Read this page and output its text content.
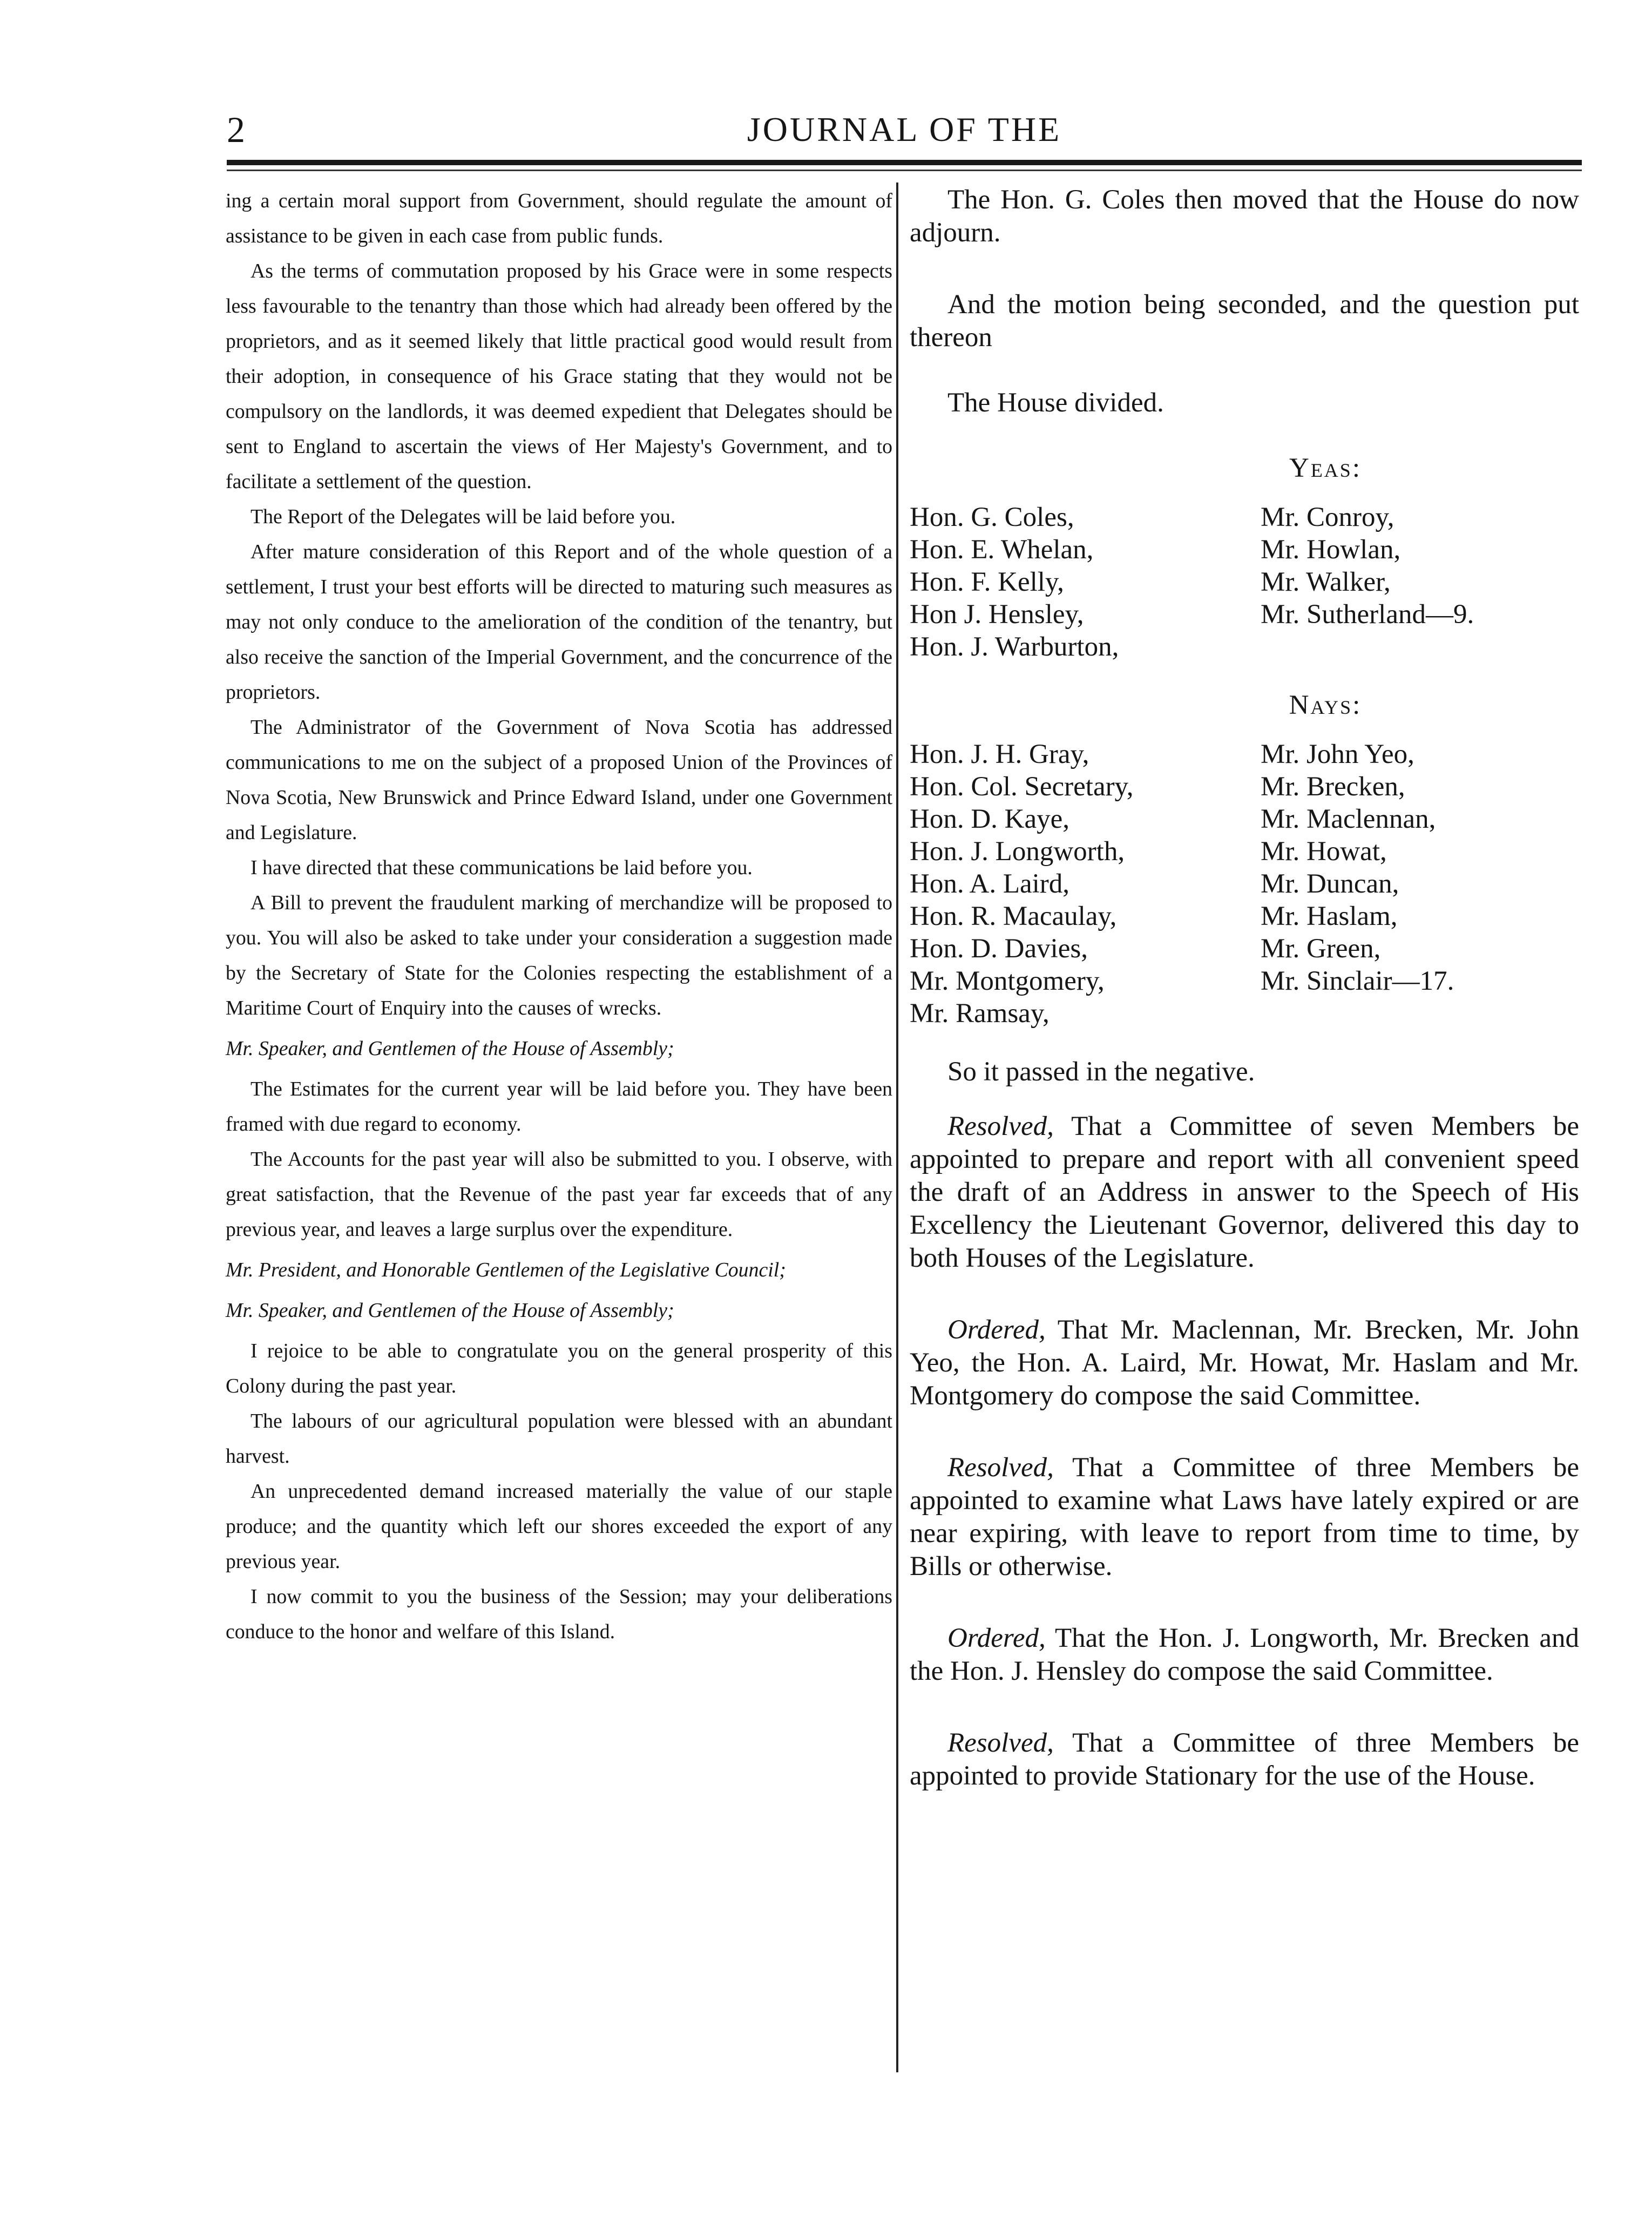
2	JOURNAL OF THE

ing a certain moral support from Government, should regulate the amount of assistance to be given in each case from public funds.

As the terms of commutation proposed by his Grace were in some respects less favourable to the tenantry than those which had already been offered by the proprietors, and as it seemed likely that little practical good would result from their adoption, in consequence of his Grace stating that they would not be compulsory on the landlords, it was deemed expedient that Delegates should be sent to England to ascertain the views of Her Majesty's Government, and to facilitate a settlement of the question.

The Report of the Delegates will be laid before you.

After mature consideration of this Report and of the whole question of a settlement, I trust your best efforts will be directed to maturing such measures as may not only conduce to the amelioration of the condition of the tenantry, but also receive the sanction of the Imperial Government, and the concurrence of the proprietors.

The Administrator of the Government of Nova Scotia has addressed communications to me on the subject of a proposed Union of the Provinces of Nova Scotia, New Brunswick and Prince Edward Island, under one Government and Legislature.

I have directed that these communications be laid before you.

A Bill to prevent the fraudulent marking of merchandize will be proposed to you. You will also be asked to take under your consideration a suggestion made by the Secretary of State for the Colonies respecting the establishment of a Maritime Court of Enquiry into the causes of wrecks.

Mr. Speaker, and Gentlemen of the House of Assembly;

The Estimates for the current year will be laid before you. They have been framed with due regard to economy.

The Accounts for the past year will also be submitted to you. I observe, with great satisfaction, that the Revenue of the past year far exceeds that of any previous year, and leaves a large surplus over the expenditure.

Mr. President, and Honorable Gentlemen of the Legislative Council;

Mr. Speaker, and Gentlemen of the House of Assembly;

I rejoice to be able to congratulate you on the general prosperity of this Colony during the past year.

The labours of our agricultural population were blessed with an abundant harvest.

An unprecedented demand increased materially the value of our staple produce; and the quantity which left our shores exceeded the export of any previous year.

I now commit to you the business of the Session; may your deliberations conduce to the honor and welfare of this Island.

The Hon. G. Coles then moved that the House do now adjourn.

And the motion being seconded, and the question put thereon

The House divided.

Yeas:
Hon. G. Coles,	Mr. Conroy,
Hon. E. Whelan,	Mr. Howlan,
Hon. F. Kelly,	Mr. Walker,
Hon J. Hensley,	Mr. Sutherland—9.
Hon. J. Warburton,
Nays:
Hon. J. H. Gray,	Mr. John Yeo,
Hon. Col. Secretary,	Mr. Brecken,
Hon. D. Kaye,	Mr. Maclennan,
Hon. J. Longworth,	Mr. Howat,
Hon. A. Laird,	Mr. Duncan,
Hon. R. Macaulay,	Mr. Haslam,
Hon. D. Davies,	Mr. Green,
Mr. Montgomery,	Mr. Sinclair—17.
Mr. Ramsay,

So it passed in the negative.

Resolved, That a Committee of seven Members be appointed to prepare and report with all convenient speed the draft of an Address in answer to the Speech of His Excellency the Lieutenant Governor, delivered this day to both Houses of the Legislature.

Ordered, That Mr. Maclennan, Mr. Brecken, Mr. John Yeo, the Hon. A. Laird, Mr. Howat, Mr. Haslam and Mr. Montgomery do compose the said Committee.

Resolved, That a Committee of three Members be appointed to examine what Laws have lately expired or are near expiring, with leave to report from time to time, by Bills or otherwise.

Ordered, That the Hon. J. Longworth, Mr. Brecken and the Hon. J. Hensley do compose the said Committee.

Resolved, That a Committee of three Members be appointed to provide Stationary for the use of the House.
